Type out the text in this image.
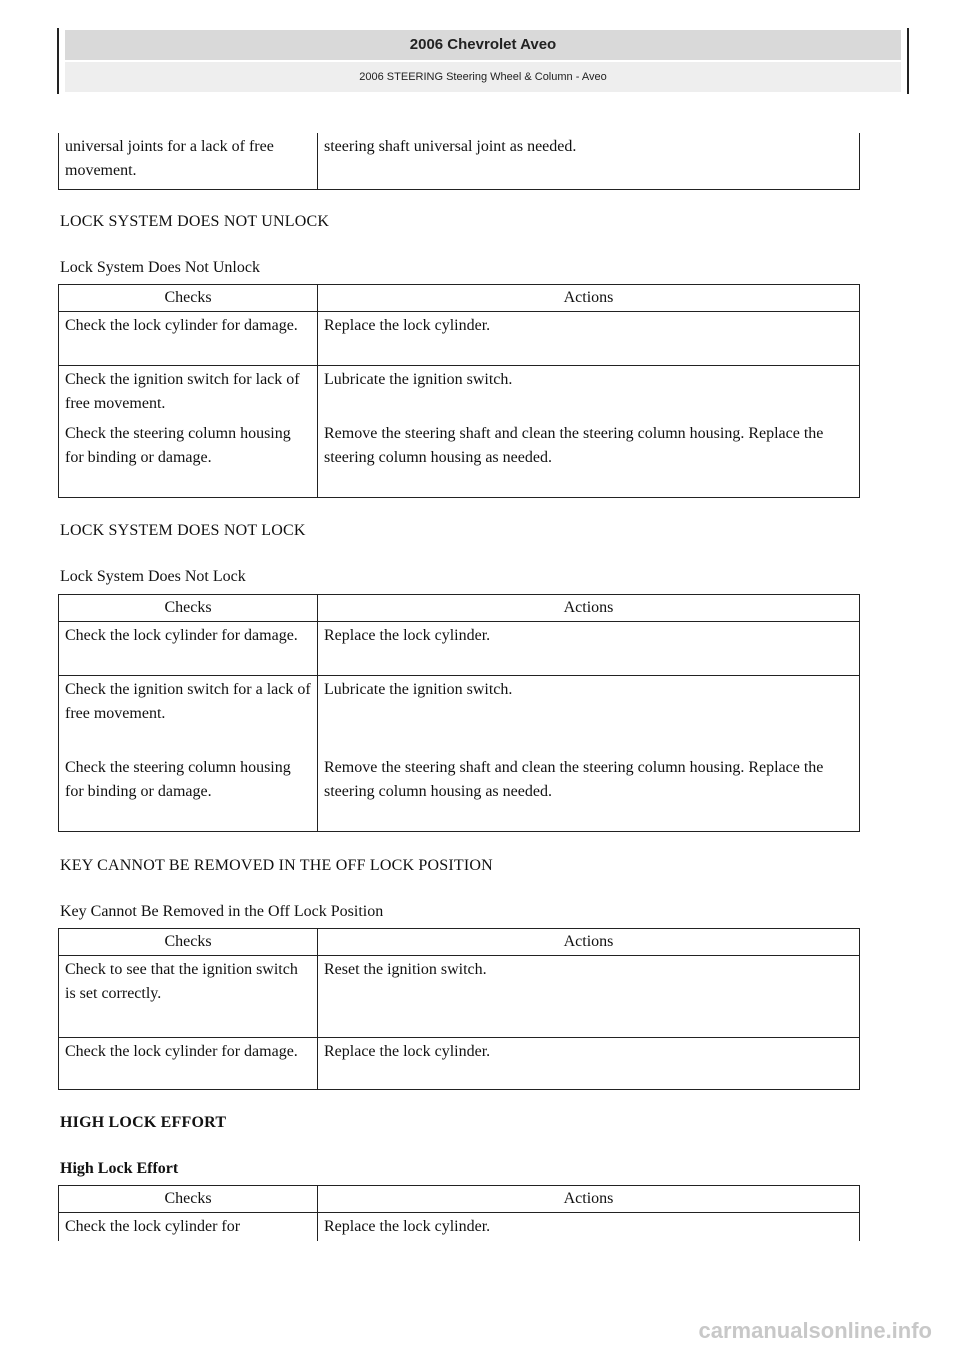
2006 Chevrolet Aveo
2006 STEERING Steering Wheel & Column - Aveo
universal joints for a lack of free movement.	steering shaft universal joint as needed.
LOCK SYSTEM DOES NOT UNLOCK
Lock System Does Not Unlock
Checks	Actions
Check the lock cylinder for damage.	Replace the lock cylinder.
Check the ignition switch for lack of free movement.	Lubricate the ignition switch.
Check the steering column housing for binding or damage.	Remove the steering shaft and clean the steering column housing. Replace the steering column housing as needed.
LOCK SYSTEM DOES NOT LOCK
Lock System Does Not Lock
Checks	Actions
Check the lock cylinder for damage.	Replace the lock cylinder.
Check the ignition switch for a lack of free movement.	Lubricate the ignition switch.
Check the steering column housing for binding or damage.	Remove the steering shaft and clean the steering column housing. Replace the steering column housing as needed.
KEY CANNOT BE REMOVED IN THE OFF LOCK POSITION
Key Cannot Be Removed in the Off Lock Position
Checks	Actions
Check to see that the ignition switch is set correctly.	Reset the ignition switch.
Check the lock cylinder for damage.	Replace the lock cylinder.
HIGH LOCK EFFORT
High Lock Effort
Checks	Actions
Check the lock cylinder for	Replace the lock cylinder.
carmanualsonline.info
